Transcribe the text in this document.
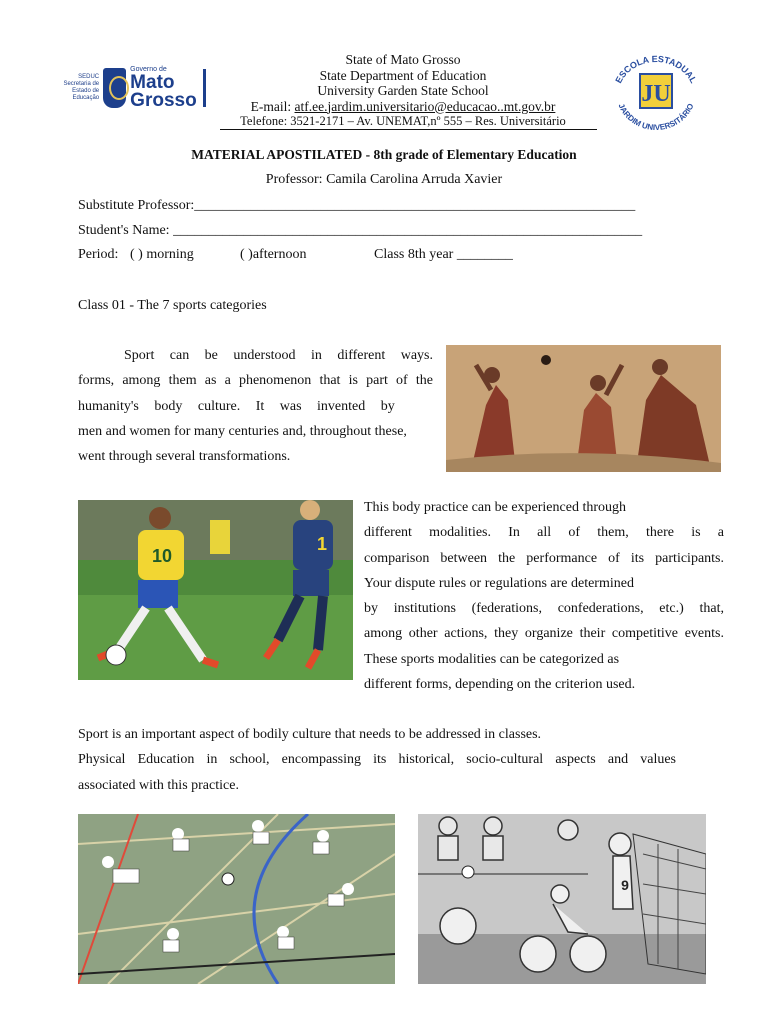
SEDUC Secretaria de Estado de Educação
Governo de
Mato
Grosso
ESCOLA ESTADUAL
JARDIM UNIVERSITÁRIO
JU
State of Mato Grosso
State Department of Education
University Garden State School
E-mail: atf.ee.jardim.universitario@educacao..mt.gov.br
Telefone: 3521-2171 – Av. UNEMAT,nº 555 – Res. Universitário
MATERIAL APOSTILATED - 8th grade of Elementary Education
Professor: Camila Carolina Arruda Xavier
Substitute Professor:_______________________________________________________________
Student's Name: ___________________________________________________________________
Period: ( ) morning	( )afternoon	Class 8th year ________
Class 01 - The 7 sports categories
Sport can be understood in different ways.
forms, among them as a phenomenon that is part of the
humanity's body culture. It was invented by
men and women for many centuries and, throughout these,
went through several transformations.
10
1
This body practice can be experienced through
different modalities. In all of them, there is a
comparison between the performance of its participants.
Your dispute rules or regulations are determined
by institutions (federations, confederations, etc.) that,
among other actions, they organize their competitive events.
These sports modalities can be categorized as
different forms, depending on the criterion used.
Sport is an important aspect of bodily culture that needs to be addressed in classes.
Physical Education in school, encompassing its historical, socio-cultural aspects and values
associated with this practice.
9
